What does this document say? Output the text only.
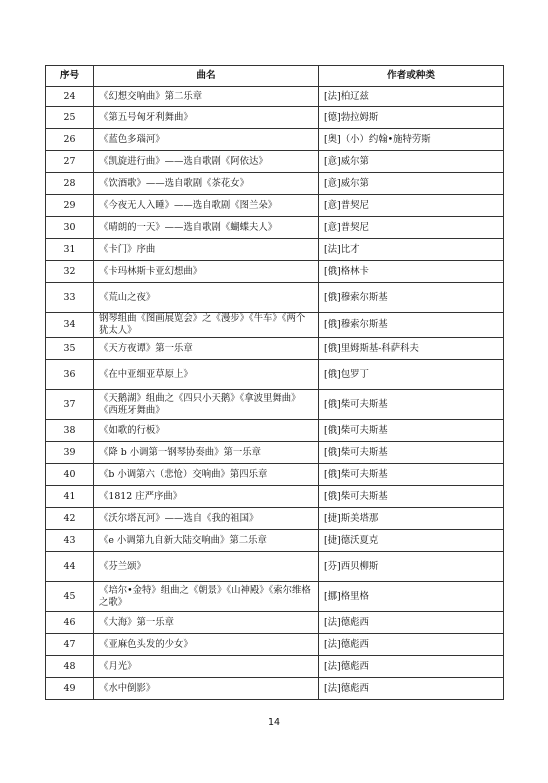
序号	曲名	作者或种类
24	《幻想交响曲》第二乐章	[法]柏辽兹
25	《第五号匈牙利舞曲》	[德]勃拉姆斯
26	《蓝色多瑙河》	[奥]（小）约翰•施特劳斯
27	《凯旋进行曲》——选自歌剧《阿依达》	[意]威尔第
28	《饮酒歌》——选自歌剧《茶花女》	[意]威尔第
29	《今夜无人入睡》——选自歌剧《图兰朵》	[意]普契尼
30	《晴朗的一天》——选自歌剧《蝴蝶夫人》	[意]普契尼
31	《卡门》序曲	[法]比才
32	《卡玛林斯卡亚幻想曲》	[俄]格林卡
33	《荒山之夜》	[俄]穆索尔斯基
34	钢琴组曲《图画展览会》之《漫步》《牛车》《两个犹太人》	[俄]穆索尔斯基
35	《天方夜谭》第一乐章	[俄]里姆斯基-科萨科夫
36	《在中亚细亚草原上》	[俄]包罗丁
37	《天鹅湖》组曲之《四只小天鹅》《拿波里舞曲》《西班牙舞曲》	[俄]柴可夫斯基
38	《如歌的行板》	[俄]柴可夫斯基
39	《降 b 小调第一钢琴协奏曲》第一乐章	[俄]柴可夫斯基
40	《b 小调第六（悲怆）交响曲》第四乐章	[俄]柴可夫斯基
41	《1812 庄严序曲》	[俄]柴可夫斯基
42	《沃尔塔瓦河》——选自《我的祖国》	[捷]斯美塔那
43	《e 小调第九自新大陆交响曲》第二乐章	[捷]德沃夏克
44	《芬兰颂》	[芬]西贝柳斯
45	《培尔•金特》组曲之《朝景》《山神殿》《索尔维格之歌》	[挪]格里格
46	《大海》第一乐章	[法]德彪西
47	《亚麻色头发的少女》	[法]德彪西
48	《月光》	[法]德彪西
49	《水中倒影》	[法]德彪西
14
